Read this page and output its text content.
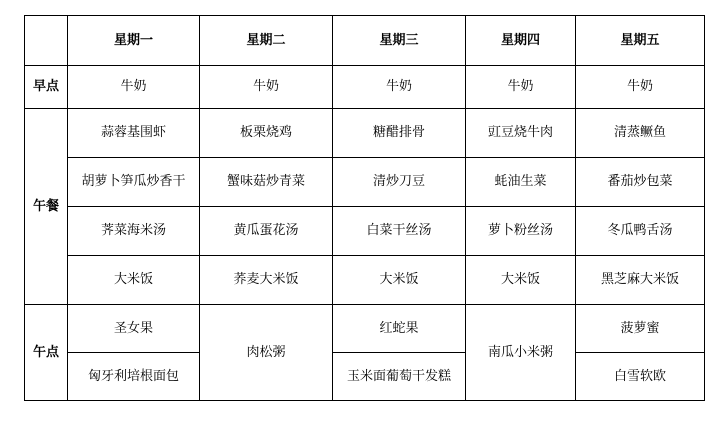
	星期一	星期二	星期三	星期四	星期五
早点	牛奶	牛奶	牛奶	牛奶	牛奶
午餐	蒜蓉基围虾	板栗烧鸡	糖醋排骨	豇豆烧牛肉	清蒸鳜鱼
	胡萝卜笋瓜炒香干	蟹味菇炒青菜	清炒刀豆	蚝油生菜	番茄炒包菜
	荠菜海米汤	黄瓜蛋花汤	白菜干丝汤	萝卜粉丝汤	冬瓜鸭舌汤
	大米饭	荞麦大米饭	大米饭	大米饭	黑芝麻大米饭
午点	圣女果	肉松粥	红蛇果	南瓜小米粥	菠萝蜜
	匈牙利培根面包		玉米面葡萄干发糕		白雪软欧
